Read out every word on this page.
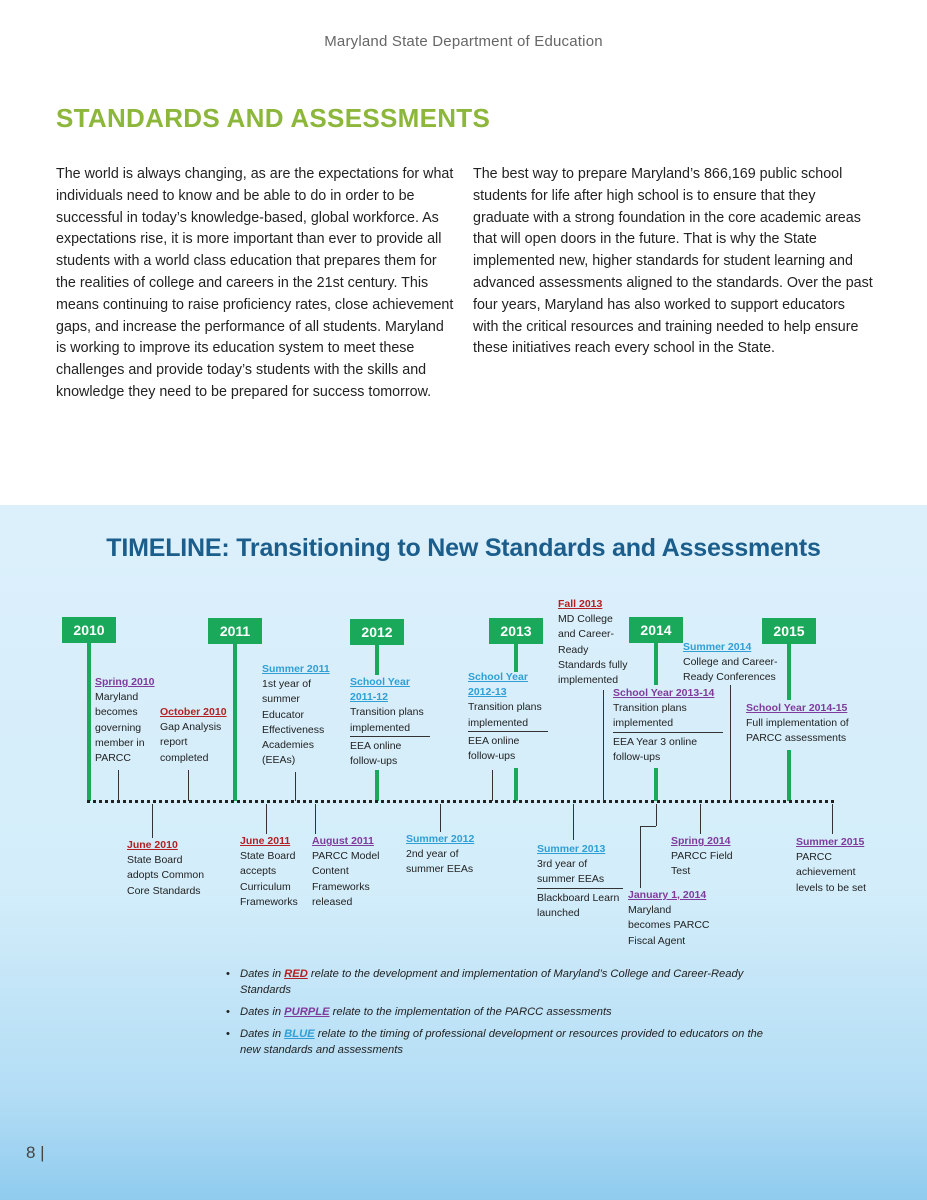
Maryland State Department of Education
STANDARDS AND ASSESSMENTS

The world is always changing, as are the expectations for what individuals need to know and be able to do in order to be successful in today’s knowledge-based, global workforce. As expectations rise, it is more important than ever to provide all students with a world class education that prepares them for the realities of college and careers in the 21st century. This means continuing to raise proficiency rates, close achievement gaps, and increase the performance of all students. Maryland is working to improve its education system to meet these challenges and provide today’s students with the skills and knowledge they need to be prepared for success tomorrow.

The best way to prepare Maryland’s 866,169 public school students for life after high school is to ensure that they graduate with a strong foundation in the core academic areas that will open doors in the future. That is why the State implemented new, higher standards for student learning and advanced assessments aligned to the standards. Over the past four years, Maryland has also worked to support educators with the critical resources and training needed to help ensure these initiatives reach every school in the State.

TIMELINE: Transitioning to New Standards and Assessments
2010	2011	2012	2013	2014	2015
Spring 2010
Maryland becomes governing member in PARCC
October 2010
Gap Analysis report completed
Summer 2011
1st year of summer Educator Effectiveness Academies (EEAs)
School Year 2011-12
Transition plans implemented
EEA online follow-ups
School Year 2012-13
Transition plans implemented
EEA online follow-ups
Fall 2013
MD College and Career-Ready Standards fully implemented
School Year 2013-14
Transition plans implemented
EEA Year 3 online follow-ups
Summer 2014
College and Career-Ready Conferences
School Year 2014-15
Full implementation of PARCC assessments
June 2010
State Board adopts Common Core Standards
June 2011
State Board accepts Curriculum Frameworks
August 2011
PARCC Model Content Frameworks released
Summer 2012
2nd year of summer EEAs
Summer 2013
3rd year of summer EEAs
Blackboard Learn launched
January 1, 2014
Maryland becomes PARCC Fiscal Agent
Spring 2014
PARCC Field Test
Summer 2015
PARCC achievement levels to be set
• Dates in RED relate to the development and implementation of Maryland’s College and Career-Ready Standards
• Dates in PURPLE relate to the implementation of the PARCC assessments
• Dates in BLUE relate to the timing of professional development or resources provided to educators on the new standards and assessments
8 |
